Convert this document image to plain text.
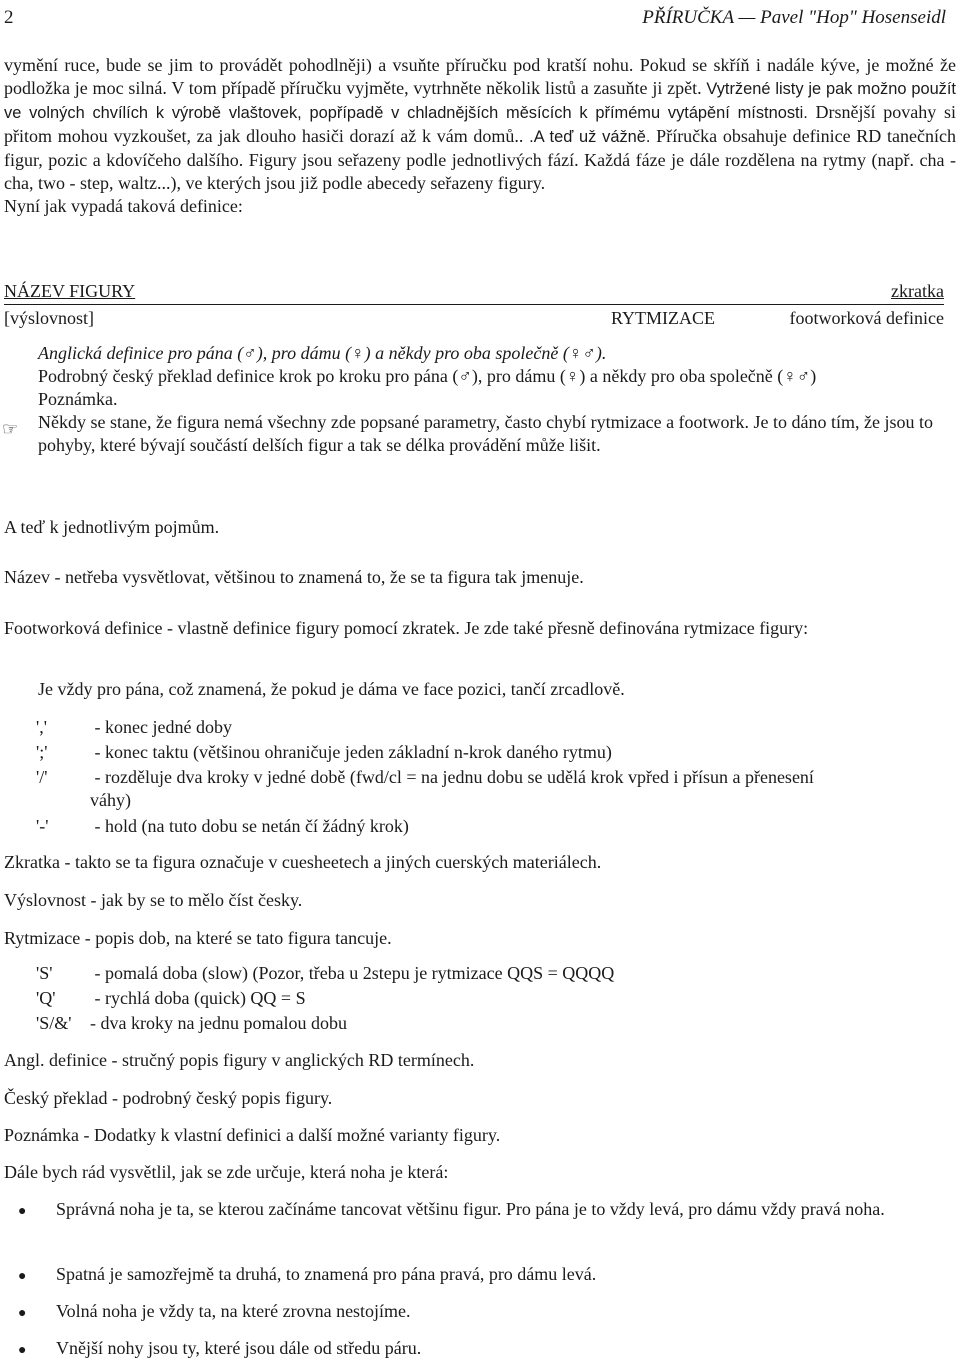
2	PŘÍRUČKA — Pavel "Hop" Hosenseidl

vymění ruce, bude se jim to provádět pohodlněji) a vsuňte příručku pod kratší nohu. Pokud se skříň i nadále kýve, je možné že podložka je moc silná. V tom případě příručku vyjměte, vytrhněte několik listů a zasuňte ji zpět. Vytržené listy je pak možno použít ve volných chvílích k výrobě vlaštovek, popřípadě v chladnějších měsících k přímému vytápění místnosti. Drsnější povahy si přitom mohou vyzkoušet, za jak dlouho hasiči dorazí až k vám domů.. .A teď už vážně. Příručka obsahuje definice RD tanečních figur, pozic a kdovíčeho dalšího. Figury jsou seřazeny podle jednotlivých fází. Každá fáze je dále rozdělena na rytmy (např. cha -cha, two - step, waltz...), ve kterých jsou již podle abecedy seřazeny figury.

Nyní jak vypadá taková definice:

NÁZEV FIGURY	zkratka
[výslovnost]	RYTMIZACE	footworková definice

Anglická definice pro pána (♂), pro dámu (♀) a někdy pro oba společně (♀♂).

Podrobný český překlad definice krok po kroku pro pána (♂), pro dámu (♀) a někdy pro oba společně (♀♂)

Poznámka.

Někdy se stane, že figura nemá všechny zde popsané parametry, často chybí rytmizace a footwork. Je to dáno tím, že jsou to pohyby, které bývají součástí delších figur a tak se délka provádění může lišit.

☞

A teď k jednotlivým pojmům.

Název - netřeba vysvětlovat, většinou to znamená to, že se ta figura tak jmenuje.

Footworková definice - vlastně definice figury pomocí zkratek. Je zde také přesně definována rytmizace figury:

Je vždy pro pána, což znamená, že pokud je dáma ve face pozici, tančí zrcadlově.

',' - konec jedné doby
';' - konec taktu (většinou ohraničuje jeden základní n-krok daného rytmu)
'/' - rozděluje dva kroky v jedné době (fwd/cl = na jednu dobu se udělá krok vpřed i přísun a přenesení
váhy)
'-' - hold (na tuto dobu se netán čí žádný krok)

Zkratka - takto se ta figura označuje v cuesheetech a jiných cuerských materiálech.

Výslovnost - jak by se to mělo číst česky.

Rytmizace - popis dob, na které se tato figura tancuje.

'S' - pomalá doba (slow) (Pozor, třeba u 2stepu je rytmizace QQS = QQQQ
'Q' - rychlá doba (quick) QQ = S
'S/&' - dva kroky na jednu pomalou dobu

Angl. definice - stručný popis figury v anglických RD termínech.

Český překlad - podrobný český popis figury.

Poznámka - Dodatky k vlastní definici a další možné varianty figury.

Dále bych rád vysvětlil, jak se zde určuje, která noha je která:

● Správná noha je ta, se kterou začínáme tancovat většinu figur. Pro pána je to vždy levá, pro dámu vždy pravá noha.

● Spatná je samozřejmě ta druhá, to znamená pro pána pravá, pro dámu levá.

● Volná noha je vždy ta, na které zrovna nestojíme.

● Vnější nohy jsou ty, které jsou dále od středu páru.
